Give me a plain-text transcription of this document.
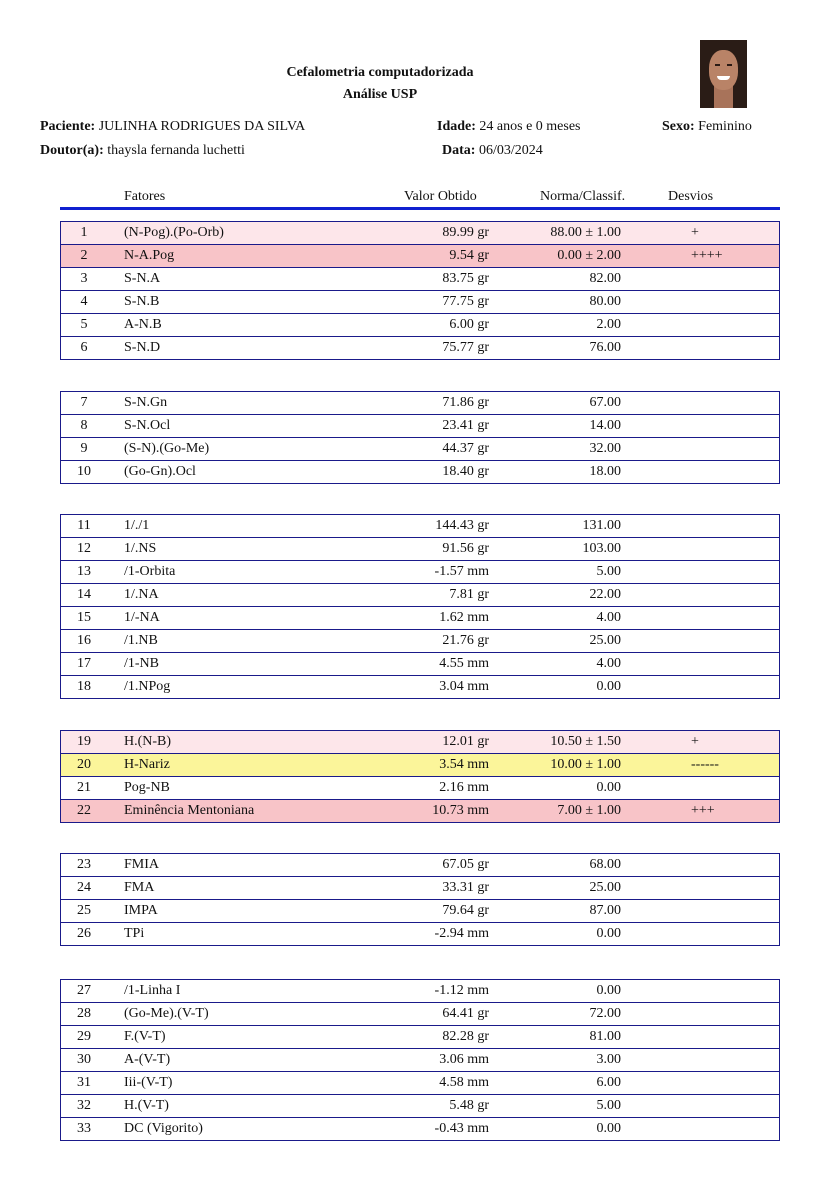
Cefalometria computadorizada
Análise USP
Paciente: JULINHA RODRIGUES DA SILVA	Idade: 24 anos e 0 meses	Sexo: Feminino
Doutor(a): thaysla fernanda luchetti	Data: 06/03/2024
Fatores	Valor Obtido	Norma/Classif.	Desvios
1	(N-Pog).(Po-Orb)	89.99 gr	88.00 ± 1.00	+
2	N-A.Pog	9.54 gr	0.00 ± 2.00	++++
3	S-N.A	83.75 gr	82.00
4	S-N.B	77.75 gr	80.00
5	A-N.B	6.00 gr	2.00
6	S-N.D	75.77 gr	76.00
7	S-N.Gn	71.86 gr	67.00
8	S-N.Ocl	23.41 gr	14.00
9	(S-N).(Go-Me)	44.37 gr	32.00
10	(Go-Gn).Ocl	18.40 gr	18.00
11	1/./1	144.43 gr	131.00
12	1/.NS	91.56 gr	103.00
13	/1-Orbita	-1.57 mm	5.00
14	1/.NA	7.81 gr	22.00
15	1/-NA	1.62 mm	4.00
16	/1.NB	21.76 gr	25.00
17	/1-NB	4.55 mm	4.00
18	/1.NPog	3.04 mm	0.00
19	H.(N-B)	12.01 gr	10.50 ± 1.50	+
20	H-Nariz	3.54 mm	10.00 ± 1.00	------
21	Pog-NB	2.16 mm	0.00
22	Eminência Mentoniana	10.73 mm	7.00 ± 1.00	+++
23	FMIA	67.05 gr	68.00
24	FMA	33.31 gr	25.00
25	IMPA	79.64 gr	87.00
26	TPi	-2.94 mm	0.00
27	/1-Linha I	-1.12 mm	0.00
28	(Go-Me).(V-T)	64.41 gr	72.00
29	F.(V-T)	82.28 gr	81.00
30	A-(V-T)	3.06 mm	3.00
31	Iii-(V-T)	4.58 mm	6.00
32	H.(V-T)	5.48 gr	5.00
33	DC (Vigorito)	-0.43 mm	0.00
